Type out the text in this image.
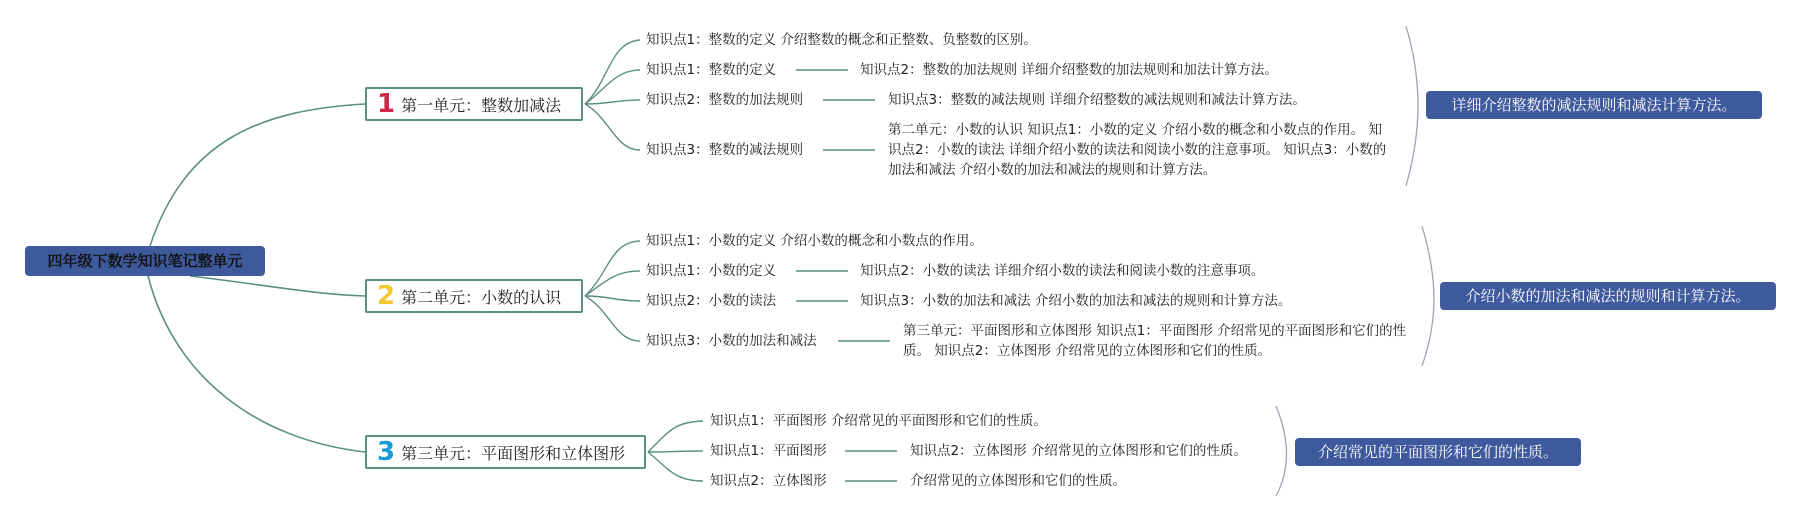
四年级下数学知识笔记整单元
1 第一单元：整数加减法
知识点1：整数的定义 介绍整数的概念和正整数、负整数的区别。
知识点1：整数的定义	知识点2：整数的加法规则 详细介绍整数的加法规则和加法计算方法。
知识点2：整数的加法规则	知识点3：整数的减法规则 详细介绍整数的减法规则和减法计算方法。
知识点3：整数的减法规则
第二单元：小数的认识 知识点1：小数的定义 介绍小数的概念和小数点的作用。 知识点2：小数的读法 详细介绍小数的读法和阅读小数的注意事项。 知识点3：小数的加法和减法 介绍小数的加法和减法的规则和计算方法。
详细介绍整数的减法规则和减法计算方法。
2 第二单元：小数的认识
知识点1：小数的定义 介绍小数的概念和小数点的作用。
知识点1：小数的定义	知识点2：小数的读法 详细介绍小数的读法和阅读小数的注意事项。
知识点2：小数的读法	知识点3：小数的加法和减法 介绍小数的加法和减法的规则和计算方法。
知识点3：小数的加法和减法
第三单元：平面图形和立体图形 知识点1：平面图形 介绍常见的平面图形和它们的性质。 知识点2：立体图形 介绍常见的立体图形和它们的性质。
介绍小数的加法和减法的规则和计算方法。
3 第三单元：平面图形和立体图形
知识点1：平面图形 介绍常见的平面图形和它们的性质。
知识点1：平面图形	知识点2：立体图形 介绍常见的立体图形和它们的性质。
知识点2：立体图形	介绍常见的立体图形和它们的性质。
介绍常见的平面图形和它们的性质。
